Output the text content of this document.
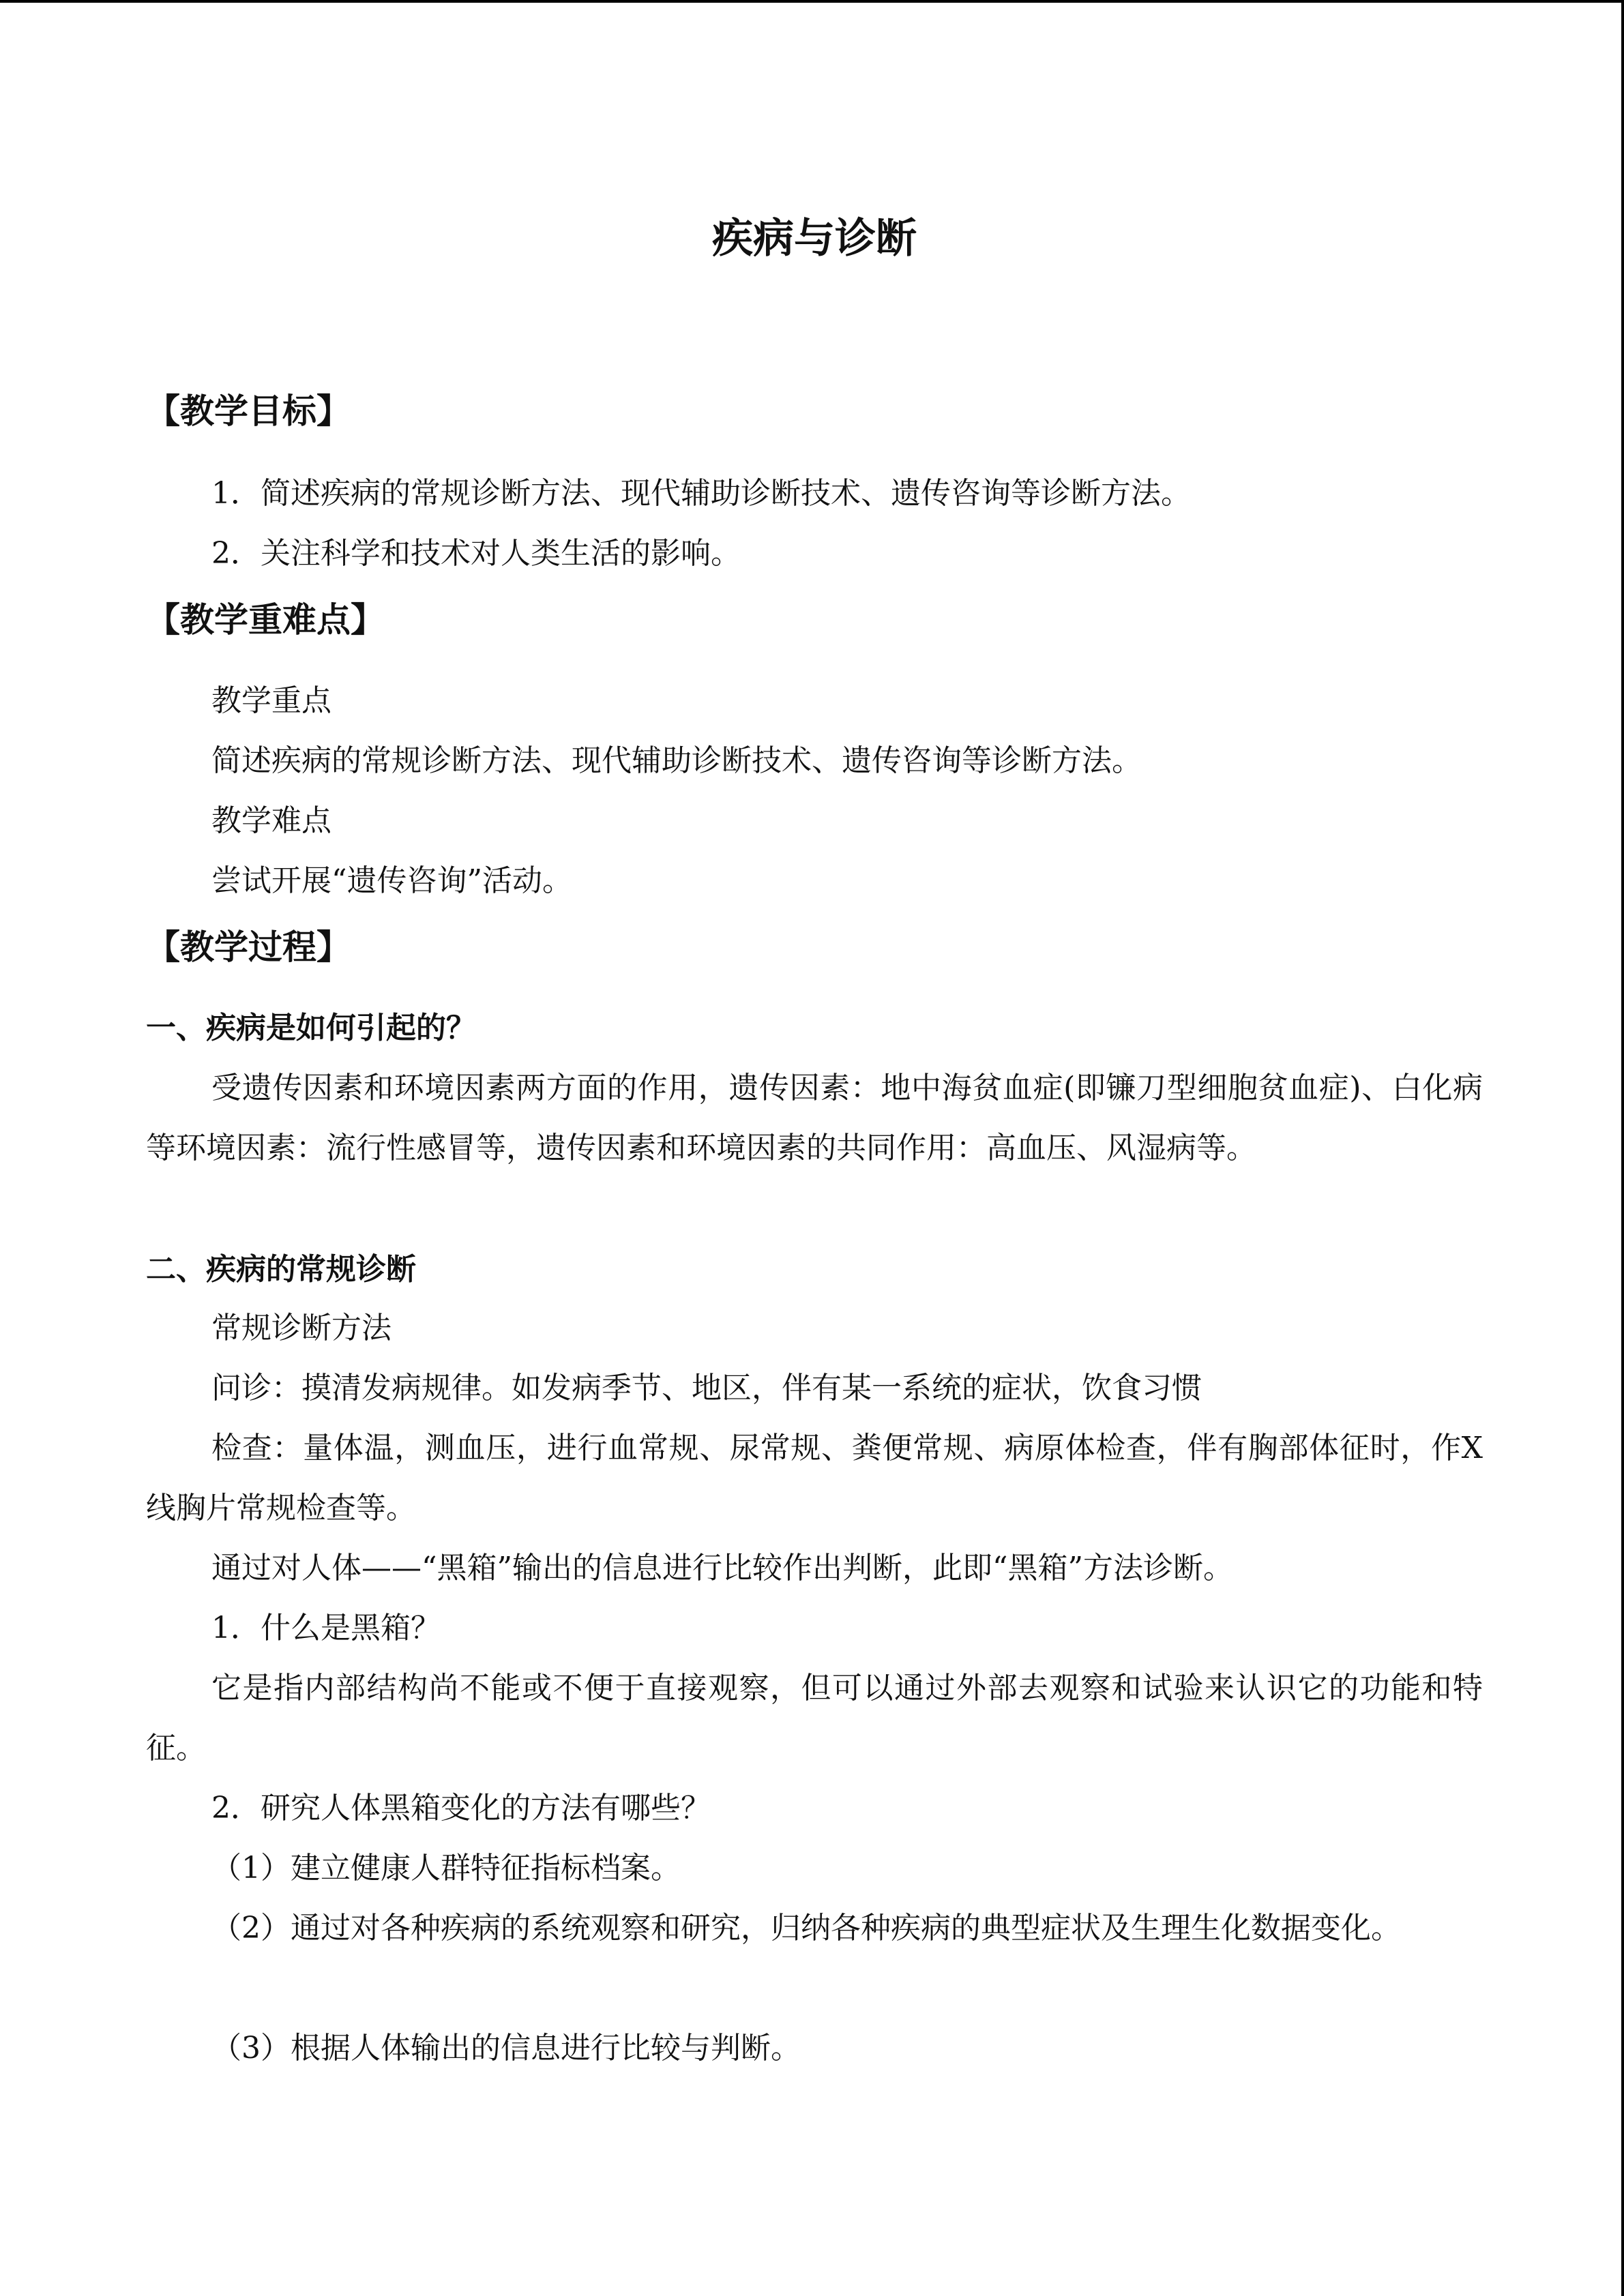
疾病与诊断
【教学目标】
1．简述疾病的常规诊断方法、现代辅助诊断技术、遗传咨询等诊断方法。
2．关注科学和技术对人类生活的影响。
【教学重难点】
教学重点
简述疾病的常规诊断方法、现代辅助诊断技术、遗传咨询等诊断方法。
教学难点
尝试开展“遗传咨询”活动。
【教学过程】
一、疾病是如何引起的？
受遗传因素和环境因素两方面的作用，遗传因素：地中海贫血症(即镰刀型细胞贫血症)、白化病等环境因素：流行性感冒等，遗传因素和环境因素的共同作用：高血压、风湿病等。
二、疾病的常规诊断
常规诊断方法
问诊：摸清发病规律。如发病季节、地区，伴有某一系统的症状，饮食习惯
检查：量体温，测血压，进行血常规、尿常规、粪便常规、病原体检查，伴有胸部体征时，作X线胸片常规检查等。
通过对人体——“黑箱”输出的信息进行比较作出判断，此即“黑箱”方法诊断。
1．什么是黑箱？
它是指内部结构尚不能或不便于直接观察，但可以通过外部去观察和试验来认识它的功能和特征。
2．研究人体黑箱变化的方法有哪些？
（1）建立健康人群特征指标档案。
（2）通过对各种疾病的系统观察和研究，归纳各种疾病的典型症状及生理生化数据变化。
（3）根据人体输出的信息进行比较与判断。
